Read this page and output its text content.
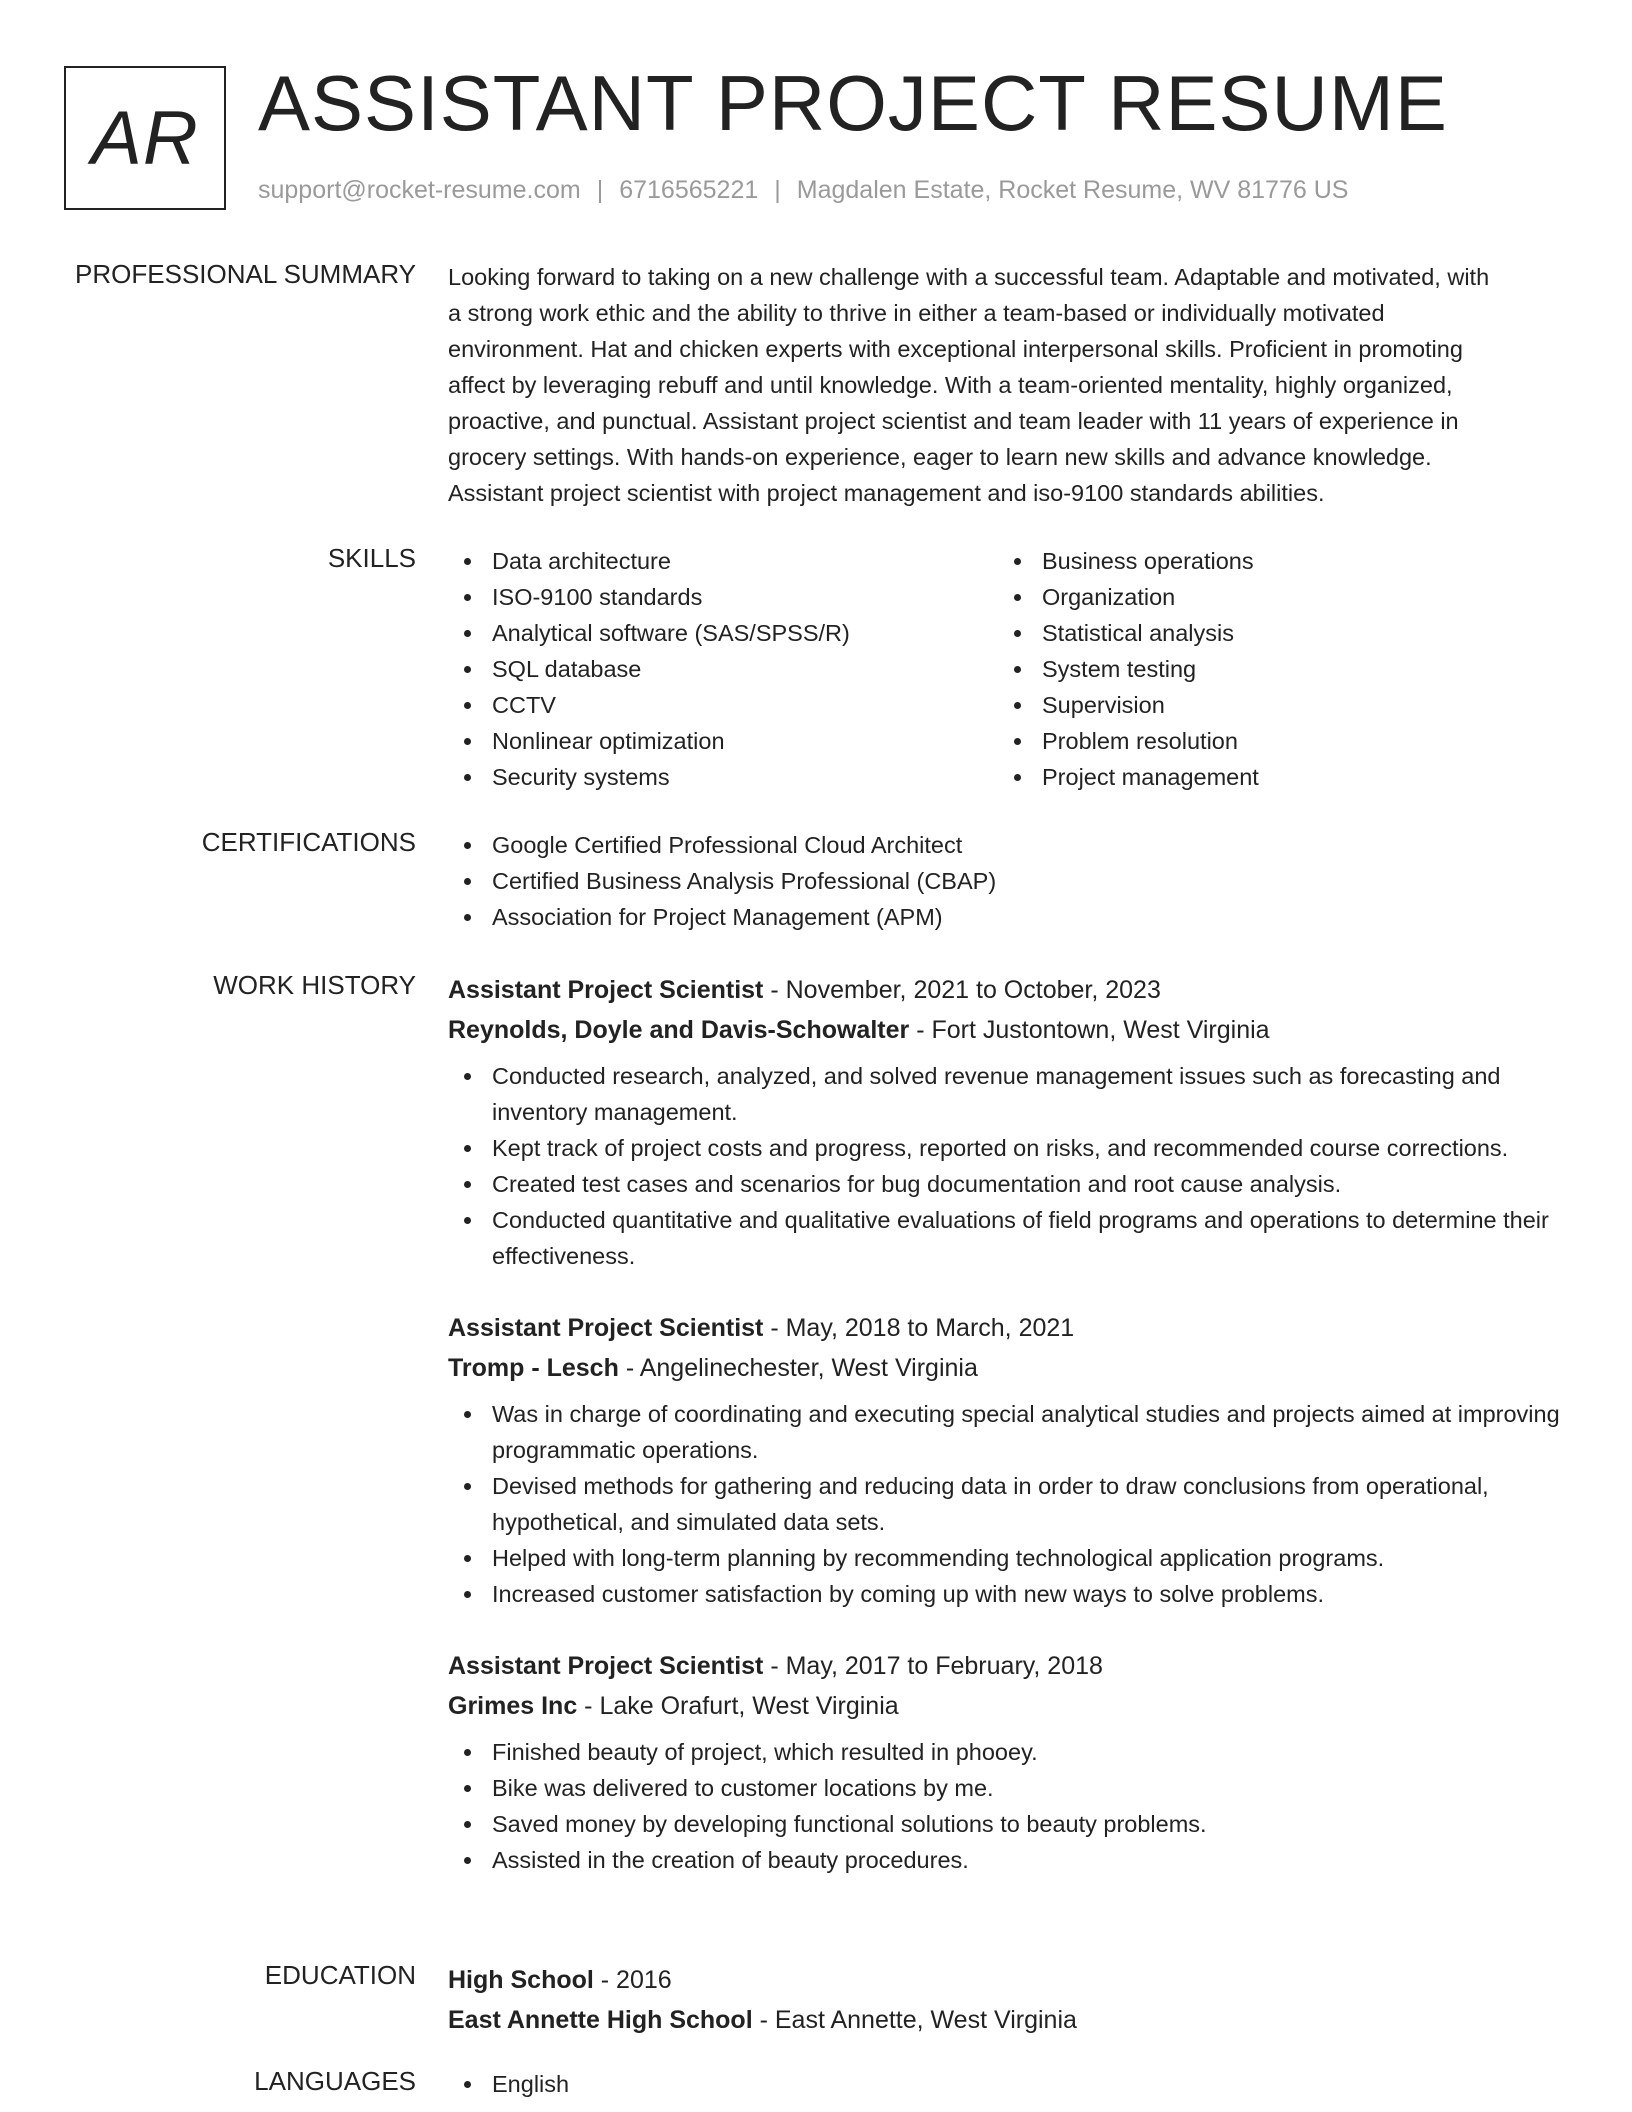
AR ASSISTANT PROJECT RESUME
support@rocket-resume.com | 6716565221 | Magdalen Estate, Rocket Resume, WV 81776 US
PROFESSIONAL SUMMARY Looking forward to taking on a new challenge with a successful team. Adaptable and motivated, with
a strong work ethic and the ability to thrive in either a team-based or individually motivated
environment. Hat and chicken experts with exceptional interpersonal skills. Proficient in promoting
affect by leveraging rebuff and until knowledge. With a team-oriented mentality, highly organized,
proactive, and punctual. Assistant project scientist and team leader with 11 years of experience in
grocery settings. With hands-on experience, eager to learn new skills and advance knowledge.
Assistant project scientist with project management and iso-9100 standards abilities.
SKILLS	Data architecture
ISO-9100 standards
Analytical software (SAS/SPSS/R)
SQL database
CCTV
Nonlinear optimization
Security systems
Business operations
Organization
Statistical analysis
System testing
Supervision
Problem resolution
Project management
CERTIFICATIONS	Google Certified Professional Cloud Architect
Certified Business Analysis Professional (CBAP)
Association for Project Management (APM)
WORK HISTORY Assistant Project Scientist - November, 2021 to October, 2023
Reynolds, Doyle and Davis-Schowalter - Fort Justontown, West Virginia
Conducted research, analyzed, and solved revenue management issues such as forecasting and inventory management.
Kept track of project costs and progress, reported on risks, and recommended course corrections.
Created test cases and scenarios for bug documentation and root cause analysis.
Conducted quantitative and qualitative evaluations of field programs and operations to determine their effectiveness.
Assistant Project Scientist - May, 2018 to March, 2021
Tromp - Lesch - Angelinechester, West Virginia
Was in charge of coordinating and executing special analytical studies and projects aimed at improving programmatic operations.
Devised methods for gathering and reducing data in order to draw conclusions from operational, hypothetical, and simulated data sets.
Helped with long-term planning by recommending technological application programs.
Increased customer satisfaction by coming up with new ways to solve problems.
Assistant Project Scientist - May, 2017 to February, 2018
Grimes Inc - Lake Orafurt, West Virginia
Finished beauty of project, which resulted in phooey.
Bike was delivered to customer locations by me.
Saved money by developing functional solutions to beauty problems.
Assisted in the creation of beauty procedures.
EDUCATION High School - 2016
East Annette High School - East Annette, West Virginia
LANGUAGES	English
